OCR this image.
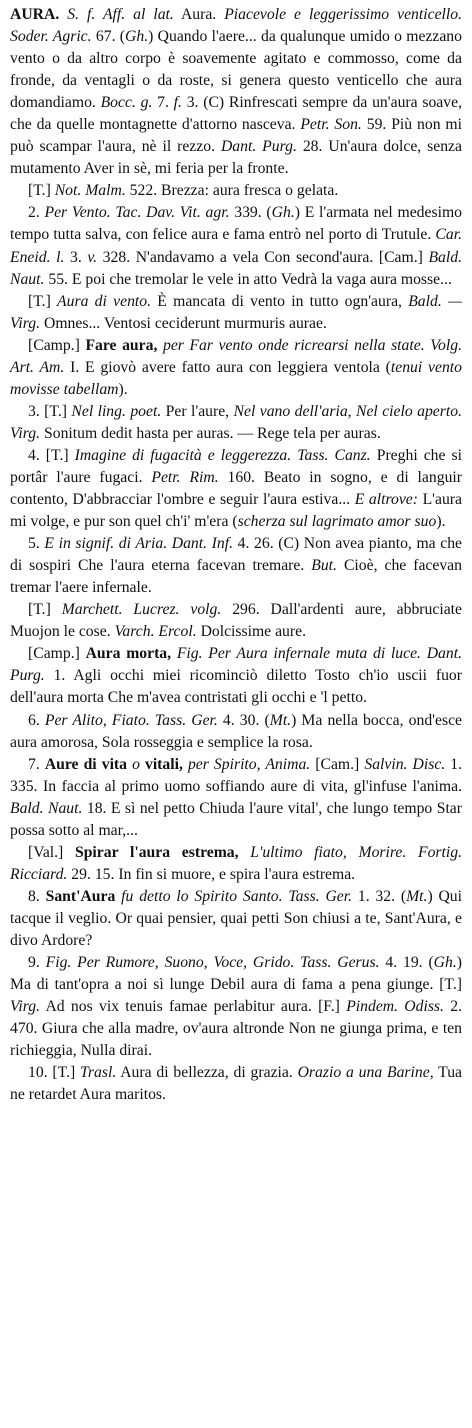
AURA. S. f. Aff. al lat. Aura. Piacevole e leggerissimo venticello. Soder. Agric. 67. (Gh.) Quando l'aere... da qualunque umido o mezzano vento o da altro corpo è soavemente agitato e commosso, come da fronde, da ventagli o da roste, si genera questo venticello che aura domandiamo. Bocc. g. 7. f. 3. (C) Rinfrescati sempre da un'aura soave, che da quelle montagnette d'attorno nasceva. Petr. Son. 59. Più non mi può scampar l'aura, nè il rezzo. Dant. Purg. 28. Un'aura dolce, senza mutamento Aver in sè, mi feria per la fronte.

[T.] Not. Malm. 522. Brezza: aura fresca o gelata.

2. Per Vento. Tac. Dav. Vit. agr. 339. (Gh.) E l'armata nel medesimo tempo tutta salva, con felice aura e fama entrò nel porto di Trutule. Car. Eneid. l. 3. v. 328. N'andavamo a vela Con second'aura. [Cam.] Bald. Naut. 55. E poi che tremolar le vele in atto Vedrà la vaga aura mosse...

[T.] Aura di vento. È mancata di vento in tutto ogn'aura, Bald. — Virg. Omnes... Ventosi ceciderunt murmuris aurae.

[Camp.] Fare aura, per Far vento onde ricrearsi nella state. Volg. Art. Am. I. E giovò avere fatto aura con leggiera ventola (tenui vento movisse tabellam).

3. [T.] Nel ling. poet. Per l'aure, Nel vano dell'aria, Nel cielo aperto. Virg. Sonitum dedit hasta per auras. — Rege tela per auras.

4. [T.] Imagine di fugacità e leggerezza. Tass. Canz. Preghi che si portâr l'aure fugaci. Petr. Rim. 160. Beato in sogno, e di languir contento, D'abbracciar l'ombre e seguir l'aura estiva... E altrove: L'aura mi volge, e pur son quel ch'i' m'era (scherza sul lagrimato amor suo).

5. E in signif. di Aria. Dant. Inf. 4. 26. (C) Non avea pianto, ma che di sospiri Che l'aura eterna facevan tremare. But. Cioè, che facevan tremar l'aere infernale.

[T.] Marchett. Lucrez. volg. 296. Dall'ardenti aure, abbruciate Muojon le cose. Varch. Ercol. Dolcissime aure.

[Camp.] Aura morta, Fig. Per Aura infernale muta di luce. Dant. Purg. 1. Agli occhi miei ricominciò diletto Tosto ch'io uscii fuor dell'aura morta Che m'avea contristati gli occhi e 'l petto.

6. Per Alito, Fiato. Tass. Ger. 4. 30. (Mt.) Ma nella bocca, ond'esce aura amorosa, Sola rosseggia e semplice la rosa.

7. Aure di vita o vitali, per Spirito, Anima. [Cam.] Salvin. Disc. 1. 335. In faccia al primo uomo soffiando aure di vita, gl'infuse l'anima. Bald. Naut. 18. E sì nel petto Chiuda l'aure vital', che lungo tempo Star possa sotto al mar,...

[Val.] Spirar l'aura estrema, L'ultimo fiato, Morire. Fortig. Ricciard. 29. 15. In fin si muore, e spira l'aura estrema.

8. Sant'Aura fu detto lo Spirito Santo. Tass. Ger. 1. 32. (Mt.) Qui tacque il veglio. Or quai pensier, quai petti Son chiusi a te, Sant'Aura, e divo Ardore?

9. Fig. Per Rumore, Suono, Voce, Grido. Tass. Gerus. 4. 19. (Gh.) Ma di tant'opra a noi sì lunge Debil aura di fama a pena giunge. [T.] Virg. Ad nos vix tenuis famae perlabitur aura. [F.] Pindem. Odiss. 2. 470. Giura che alla madre, ov'aura altronde Non ne giunga prima, e ten richieggia, Nulla dirai.

10. [T.] Trasl. Aura di bellezza, di grazia. Orazio a una Barine, Tua ne retardet Aura maritos.
